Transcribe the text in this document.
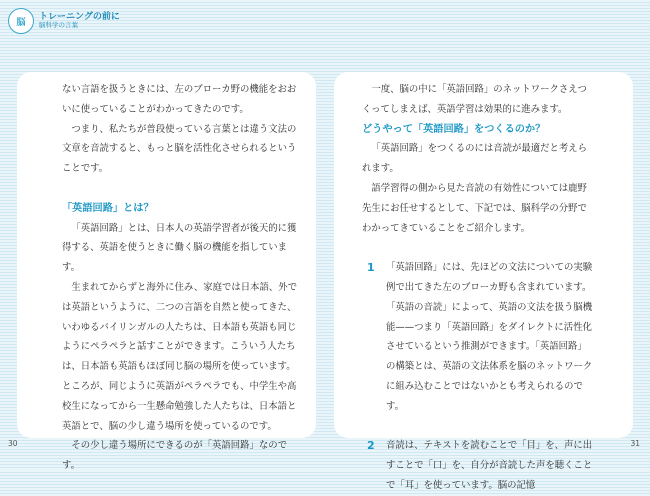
脳
トレーニングの前に
脳科学の言葉

ない言語を扱うときには、左のブローカ野の機能をおおいに使っていることがわかってきたのです。

つまり、私たちが普段使っている言葉とは違う文法の文章を音読すると、もっと脳を活性化させられるということです。

「英語回路」とは？

「英語回路」とは、日本人の英語学習者が後天的に獲得する、英語を使うときに働く脳の機能を指しています。

生まれてからずと海外に住み、家庭では日本語、外では英語というように、二つの言語を自然と使ってきた、いわゆるバイリンガルの人たちは、日本語も英語も同じようにペラペラと話すことができます。こういう人たちは、日本語も英語もほぼ同じ脳の場所を使っています。ところが、同じように英語がペラペラでも、中学生や高校生になってから一生懸命勉強した人たちは、日本語と英語とで、脳の少し違う場所を使っているのです。

その少し違う場所にできるのが「英語回路」なのです。

一度、脳の中に「英語回路」のネットワークさえつくってしまえば、英語学習は効果的に進みます。

どうやって「英語回路」をつくるのか？

「英語回路」をつくるのには音読が最適だと考えられます。

語学習得の側から見た音読の有効性については鹿野先生にお任せするとして、下記では、脳科学の分野でわかってきていることをご紹介します。

1 「英語回路」には、先ほどの文法についての実験例で出てきた左のブローカ野も含まれています。「英語の音読」によって、英語の文法を扱う脳機能——つまり「英語回路」をダイレクトに活性化させているという推測ができます。「英語回路」の構築とは、英語の文法体系を脳のネットワークに組み込むことではないかとも考えられるのです。

2 音読は、テキストを読むことで「目」を、声に出すことで「口」を、自分が音読した声を聴くことで「耳」を使っています。脳の記憶

30	31
